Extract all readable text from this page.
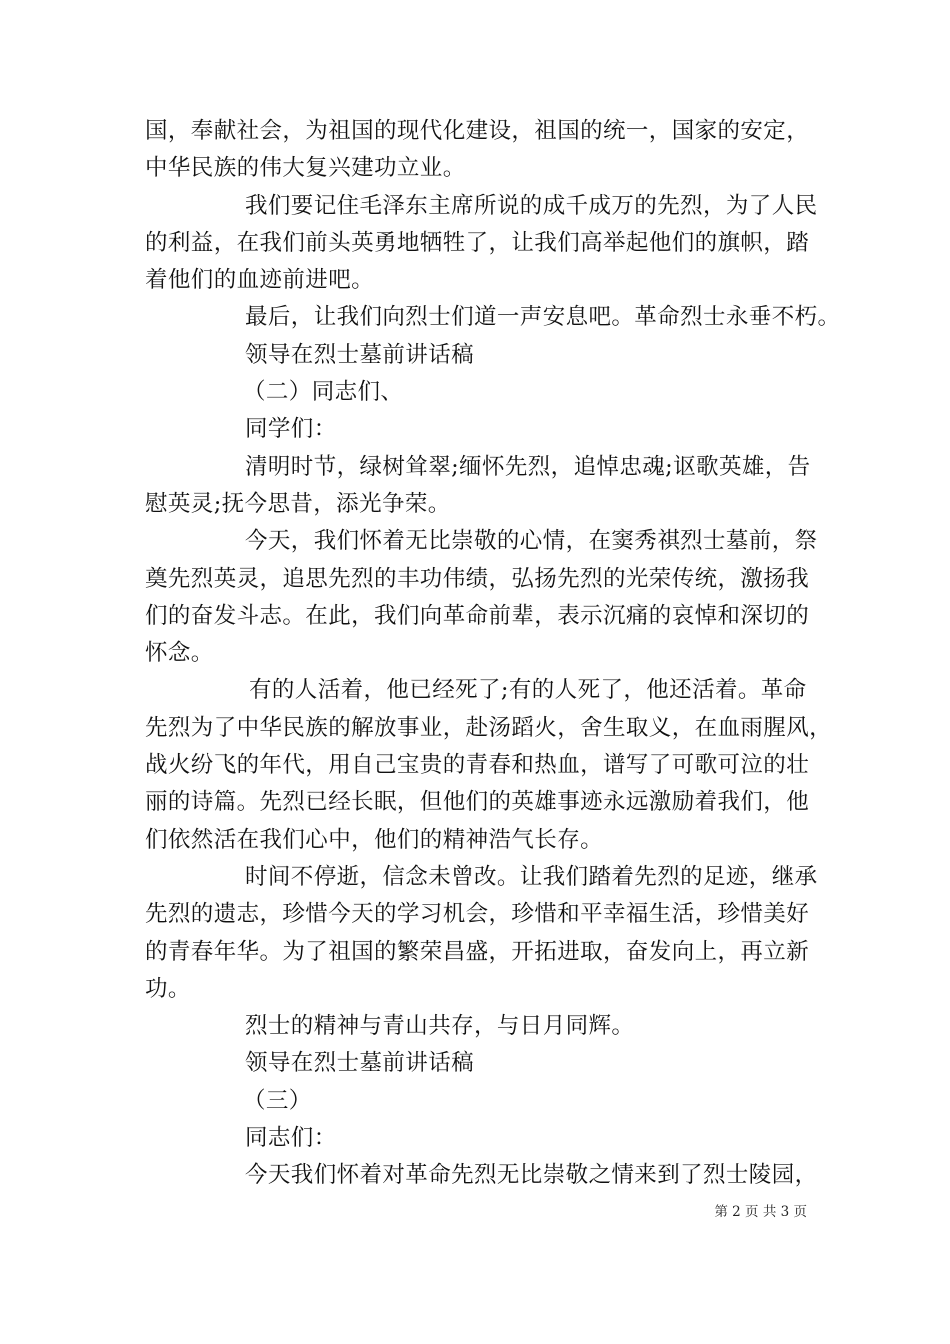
国，奉献社会，为祖国的现代化建设，祖国的统一，国家的安定，
中华民族的伟大复兴建功立业。
我们要记住毛泽东主席所说的成千成万的先烈，为了人民
的利益，在我们前头英勇地牺牲了，让我们高举起他们的旗帜，踏
着他们的血迹前进吧。
最后，让我们向烈士们道一声安息吧。革命烈士永垂不朽。
领导在烈士墓前讲话稿
（二）同志们、
同学们：
清明时节，绿树耸翠;缅怀先烈，追悼忠魂;讴歌英雄，告
慰英灵;抚今思昔，添光争荣。
今天，我们怀着无比崇敬的心情，在窦秀祺烈士墓前，祭
奠先烈英灵，追思先烈的丰功伟绩，弘扬先烈的光荣传统，激扬我
们的奋发斗志。在此，我们向革命前辈，表示沉痛的哀悼和深切的
怀念。
有的人活着，他已经死了;有的人死了，他还活着。革命
先烈为了中华民族的解放事业，赴汤蹈火，舍生取义，在血雨腥风，
战火纷飞的年代，用自己宝贵的青春和热血，谱写了可歌可泣的壮
丽的诗篇。先烈已经长眠，但他们的英雄事迹永远激励着我们，他
们依然活在我们心中，他们的精神浩气长存。
时间不停逝，信念未曾改。让我们踏着先烈的足迹，继承
先烈的遗志，珍惜今天的学习机会，珍惜和平幸福生活，珍惜美好
的青春年华。为了祖国的繁荣昌盛，开拓进取，奋发向上，再立新
功。
烈士的精神与青山共存，与日月同辉。
领导在烈士墓前讲话稿
（三）
同志们：
今天我们怀着对革命先烈无比崇敬之情来到了烈士陵园，
第 2 页 共 3 页
